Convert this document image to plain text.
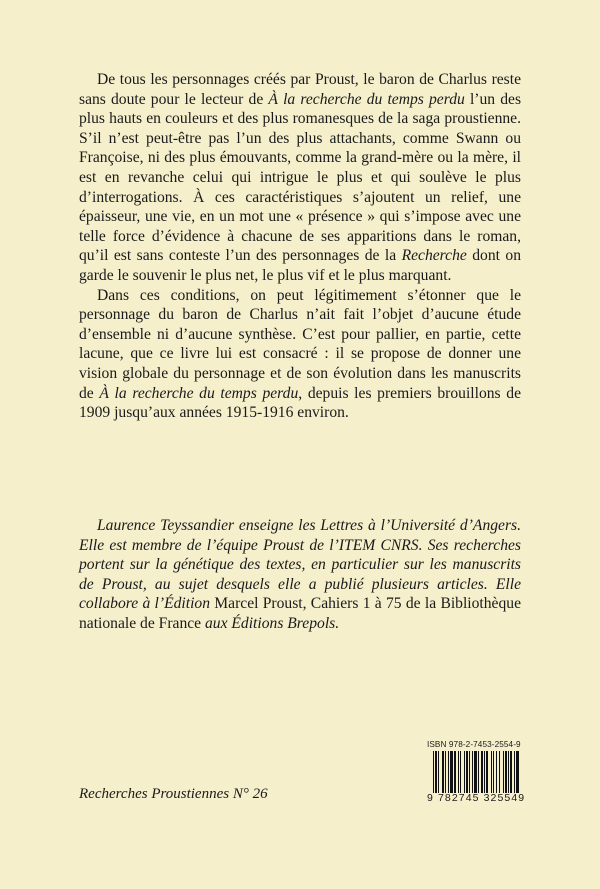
De tous les personnages créés par Proust, le baron de Charlus reste sans doute pour le lecteur de À la recherche du temps perdu l’un des plus hauts en couleurs et des plus romanesques de la saga proustienne. S’il n’est peut-être pas l’un des plus attachants, comme Swann ou Françoise, ni des plus émouvants, comme la grand-mère ou la mère, il est en revanche celui qui intrigue le plus et qui soulève le plus d’interrogations. À ces caractéristiques s’ajoutent un relief, une épaisseur, une vie, en un mot une « présence » qui s’impose avec une telle force d’évidence à chacune de ses apparitions dans le roman, qu’il est sans conteste l’un des personnages de la Recherche dont on garde le souvenir le plus net, le plus vif et le plus marquant.

Dans ces conditions, on peut légitimement s’étonner que le personnage du baron de Charlus n’ait fait l’objet d’aucune étude d’ensemble ni d’aucune synthèse. C’est pour pallier, en partie, cette lacune, que ce livre lui est consacré : il se propose de donner une vision globale du personnage et de son évolution dans les manuscrits de À la recherche du temps perdu, depuis les premiers brouillons de 1909 jusqu’aux années 1915-1916 environ.

Laurence Teyssandier enseigne les Lettres à l’Université d’Angers. Elle est membre de l’équipe Proust de l’ITEM CNRS. Ses recherches portent sur la génétique des textes, en particulier sur les manuscrits de Proust, au sujet desquels elle a publié plusieurs articles. Elle collabore à l’Édition Marcel Proust, Cahiers 1 à 75 de la Bibliothèque nationale de France aux Éditions Brepols.

Recherches Proustiennes N° 26
ISBN 978-2-7453-2554-9
9 782745 325549
